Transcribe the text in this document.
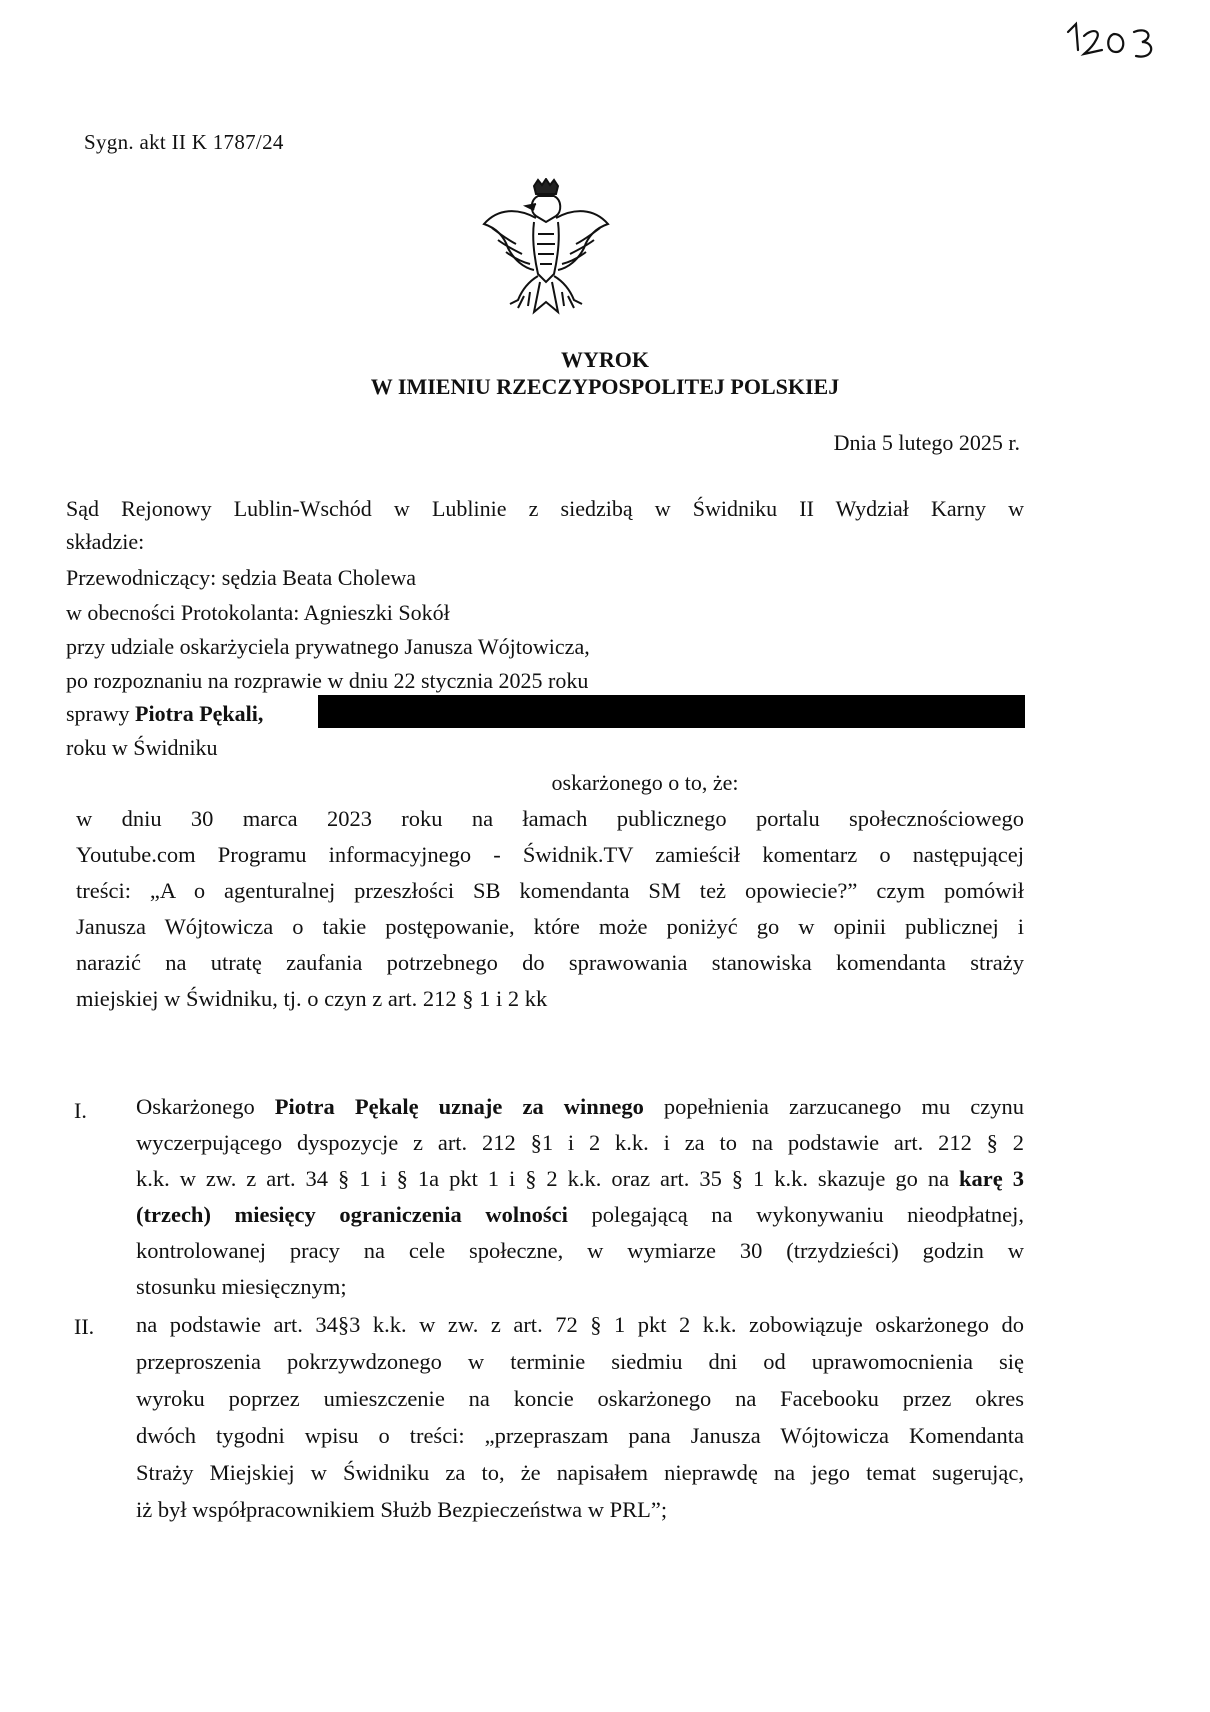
Sygn. akt II K 1787/24
WYROK
W IMIENIU RZECZYPOSPOLITEJ POLSKIEJ
Dnia 5 lutego 2025 r.
Sąd Rejonowy Lublin-Wschód w Lublinie z siedzibą w Świdniku II Wydział Karny w
składzie:
Przewodniczący: sędzia Beata Cholewa
w obecności Protokolanta: Agnieszki Sokół
przy udziale oskarżyciela prywatnego Janusza Wójtowicza,
po rozpoznaniu na rozprawie w dniu 22 stycznia 2025 roku
sprawy Piotra Pękali,
roku w Świdniku
oskarżonego o to, że:
w dniu 30 marca 2023 roku na łamach publicznego portalu społecznościowego
Youtube.com Programu informacyjnego - Świdnik.TV zamieścił komentarz o następującej
treści: „A o agenturalnej przeszłości SB komendanta SM też opowiecie?” czym pomówił
Janusza Wójtowicza o takie postępowanie, które może poniżyć go w opinii publicznej i
narazić na utratę zaufania potrzebnego do sprawowania stanowiska komendanta straży
miejskiej w Świdniku, tj. o czyn z art. 212 § 1 i 2 kk
I. Oskarżonego Piotra Pękalę uznaje za winnego popełnienia zarzucanego mu czynu
wyczerpującego dyspozycje z art. 212 §1 i 2 k.k. i za to na podstawie art. 212 § 2
k.k. w zw. z art. 34 § 1 i § 1a pkt 1 i § 2 k.k. oraz art. 35 § 1 k.k. skazuje go na karę 3
(trzech) miesięcy ograniczenia wolności polegającą na wykonywaniu nieodpłatnej,
kontrolowanej pracy na cele społeczne, w wymiarze 30 (trzydzieści) godzin w
stosunku miesięcznym;
II. na podstawie art. 34§3 k.k. w zw. z art. 72 § 1 pkt 2 k.k. zobowiązuje oskarżonego do
przeproszenia pokrzywdzonego w terminie siedmiu dni od uprawomocnienia się
wyroku poprzez umieszczenie na koncie oskarżonego na Facebooku przez okres
dwóch tygodni wpisu o treści: „przepraszam pana Janusza Wójtowicza Komendanta
Straży Miejskiej w Świdniku za to, że napisałem nieprawdę na jego temat sugerując,
iż był współpracownikiem Służb Bezpieczeństwa w PRL”;
